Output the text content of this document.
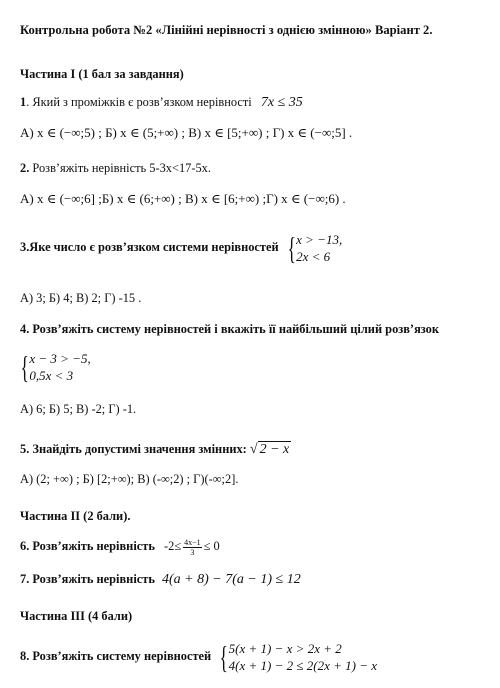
Контрольна робота №2 «Лінійні нерівності з однією змінною» Варіант 2.
Частина І (1 бал за завдання)
1. Який з проміжків є розв’язком нерівності 7x ≤ 35
А) x ∈ (−∞;5) ; Б) x ∈ (5;+∞) ; В) x ∈ [5;+∞) ; Г) x ∈ (−∞;5] .
2. Розв’яжіть нерівність 5-3x<17-5x.
А) x ∈ (−∞;6] ;Б) x ∈ (6;+∞) ; В) x ∈ [6;+∞) ;Г) x ∈ (−∞;6) .
3.Яке число є розв’язком системи нерівностей { x > −13,
2x < 6
А) 3; Б) 4; В) 2; Г) -15 .
4. Розв’яжіть систему нерівностей і вкажіть її найбільший цілий розв’язок
{ x − 3 > −5,
0,5x < 3
А) 6; Б) 5; В) -2; Г) -1.
5. Знайдіть допустимі значення змінних: √ 2 − x
А) (2; +∞) ; Б) [2;+∞); В) (-∞;2) ; Г)(-∞;2].
Частина ІІ (2 бали).
6. Розв’яжіть нерівність $-2\le \frac{4x-1}{3} \le 0$
7. Розв’яжіть нерівність 4(a + 8) − 7(a − 1) ≤ 12
Частина ІІІ (4 бали)
8. Розв’яжіть систему нерівностей { 5(x + 1) − x > 2x + 2
4(x + 1) − 2 ≤ 2(2x + 1) − x
